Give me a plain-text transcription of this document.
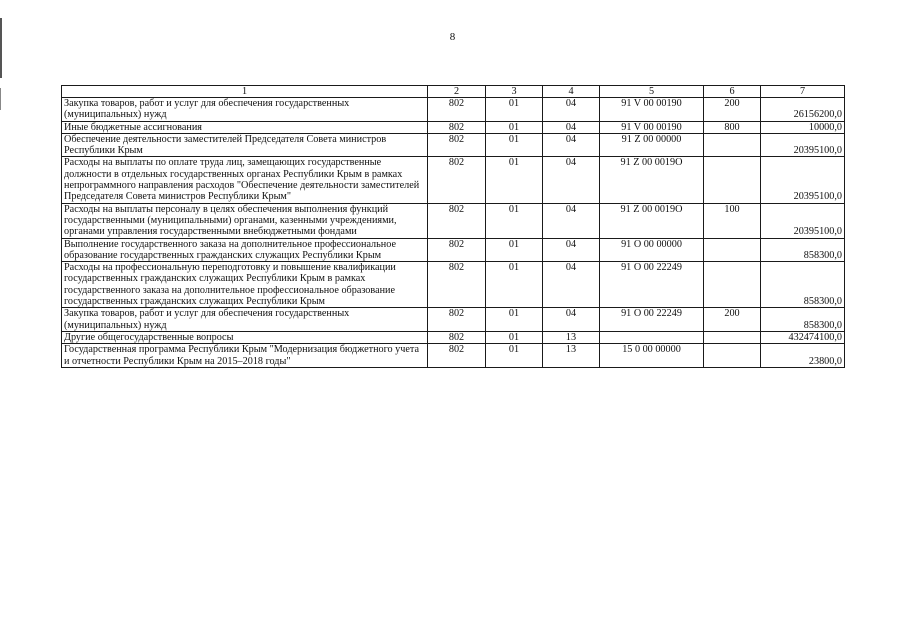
8
1	2	3	4	5	6	7
Закупка товаров, работ и услуг для обеспечения государственных (муниципальных) нужд	802	01	04	91 V 00 00190	200	26156200,0
Иные бюджетные ассигнования	802	01	04	91 V 00 00190	800	10000,0
Обеспечение деятельности заместителей Председателя Совета министров Республики Крым	802	01	04	91 Z 00 00000		20395100,0
Расходы на выплаты по оплате труда лиц, замещающих государственные должности в отдельных государственных органах Республики Крым в рамках непрограммного направления расходов "Обеспечение деятельности заместителей Председателя Совета министров Республики Крым"	802	01	04	91 Z 00 0019O		20395100,0
Расходы на выплаты персоналу в целях обеспечения выполнения функций государственными (муниципальными) органами, казенными учреждениями, органами управления государственными внебюджетными фондами	802	01	04	91 Z 00 0019O	100	20395100,0
Выполнение государственного заказа на дополнительное профессиональное образование государственных гражданских служащих Республики Крым	802	01	04	91 O 00 00000		858300,0
Расходы на профессиональную переподготовку и повышение квалификации государственных гражданских служащих Республики Крым в рамках государственного заказа на дополнительное профессиональное образование государственных гражданских служащих Республики Крым	802	01	04	91 O 00 22249		858300,0
Закупка товаров, работ и услуг для обеспечения государственных (муниципальных) нужд	802	01	04	91 O 00 22249	200	858300,0
Другие общегосударственные вопросы	802	01	13			432474100,0
Государственная программа Республики Крым "Модернизация бюджетного учета и отчетности Республики Крым на 2015–2018 годы"	802	01	13	15 0 00 00000		23800,0
